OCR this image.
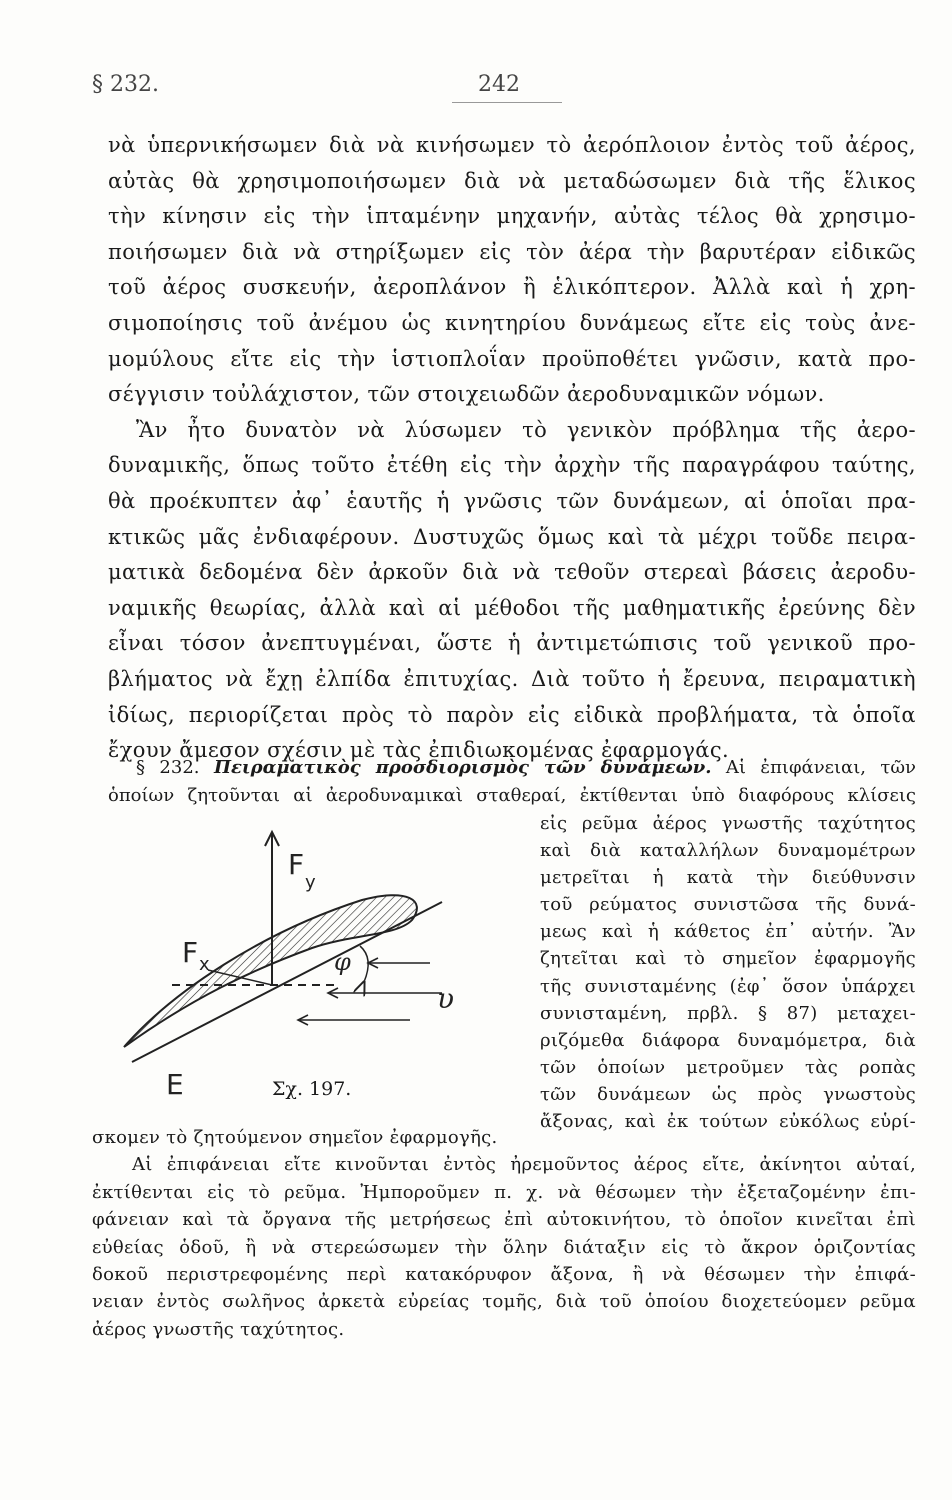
§ 232.	242
νὰ ὑπερνικήσωμεν διὰ νὰ κινήσωμεν τὸ ἀερόπλοιον ἐντὸς τοῦ ἀέρος,
αὐτὰς θὰ χρησιμοποιήσωμεν διὰ νὰ μεταδώσωμεν διὰ τῆς ἕλικος
τὴν κίνησιν εἰς τὴν ἱπταμένην μηχανήν, αὐτὰς τέλος θὰ χρησιμο-
ποιήσωμεν διὰ νὰ στηρίξωμεν εἰς τὸν ἀέρα τὴν βαρυτέραν εἰδικῶς
τοῦ ἀέρος συσκευήν, ἀεροπλάνον ἢ ἑλικόπτερον. Ἀλλὰ καὶ ἡ χρη-
σιμοποίησις τοῦ ἀνέμου ὡς κινητηρίου δυνάμεως εἴτε εἰς τοὺς ἀνε-
μομύλους εἴτε εἰς τὴν ἱστιοπλοΐαν προϋποθέτει γνῶσιν, κατὰ προ-
σέγγισιν τοὐλάχιστον, τῶν στοιχειωδῶν ἀεροδυναμικῶν νόμων.
Ἂν ἦτο δυνατὸν νὰ λύσωμεν τὸ γενικὸν πρόβλημα τῆς ἀερο-
δυναμικῆς, ὅπως τοῦτο ἐτέθη εἰς τὴν ἀρχὴν τῆς παραγράφου ταύτης,
θὰ προέκυπτεν ἀφ᾽ ἑαυτῆς ἡ γνῶσις τῶν δυνάμεων, αἱ ὁποῖαι πρα-
κτικῶς μᾶς ἐνδιαφέρουν. Δυστυχῶς ὅμως καὶ τὰ μέχρι τοῦδε πειρα-
ματικὰ δεδομένα δὲν ἀρκοῦν διὰ νὰ τεθοῦν στερεαὶ βάσεις ἀεροδυ-
ναμικῆς θεωρίας, ἀλλὰ καὶ αἱ μέθοδοι τῆς μαθηματικῆς ἐρεύνης δὲν
εἶναι τόσον ἀνεπτυγμέναι, ὥστε ἡ ἀντιμετώπισις τοῦ γενικοῦ προ-
βλήματος νὰ ἔχῃ ἐλπίδα ἐπιτυχίας. Διὰ τοῦτο ἡ ἔρευνα, πειραματικὴ
ἰδίως, περιορίζεται πρὸς τὸ παρὸν εἰς εἰδικὰ προβλήματα, τὰ ὁποῖα
ἔχουν ἄμεσον σχέσιν μὲ τὰς ἐπιδιωκομένας ἐφαρμογάς.
§ 232. Πειραματικὸς προσδιορισμὸς τῶν δυνάμεων. Αἱ ἐπιφάνειαι, τῶν
ὁποίων ζητοῦνται αἱ ἀεροδυναμικαὶ σταθεραί, ἐκτίθενται ὑπὸ διαφόρους κλίσεις
F
y
F x	φ
υ
E	Σχ. 197.
εἰς ρεῦμα ἀέρος γνωστῆς ταχύτητος
καὶ διὰ καταλλήλων δυναμομέτρων
μετρεῖται ἡ κατὰ τὴν διεύθυνσιν
τοῦ ρεύματος συνιστῶσα τῆς δυνά-
μεως καὶ ἡ κάθετος ἐπ᾽ αὐτήν. Ἂν
ζητεῖται καὶ τὸ σημεῖον ἐφαρμογῆς
τῆς συνισταμένης (ἐφ᾽ ὅσον ὑπάρχει
συνισταμένη, πρβλ. § 87) μεταχει-
ριζόμεθα διάφορα δυναμόμετρα, διὰ
τῶν ὁποίων μετροῦμεν τὰς ροπὰς
τῶν δυνάμεων ὡς πρὸς γνωστοὺς
ἄξονας, καὶ ἐκ τούτων εὐκόλως εὑρί-
σκομεν τὸ ζητούμενον σημεῖον ἐφαρμογῆς.
Αἱ ἐπιφάνειαι εἴτε κινοῦνται ἐντὸς ἠρεμοῦντος ἀέρος εἴτε, ἀκίνητοι αὐταί,
ἐκτίθενται εἰς τὸ ρεῦμα. Ἠμποροῦμεν π. χ. νὰ θέσωμεν τὴν ἐξεταζομένην ἐπι-
φάνειαν καὶ τὰ ὄργανα τῆς μετρήσεως ἐπὶ αὐτοκινήτου, τὸ ὁποῖον κινεῖται ἐπὶ
εὐθείας ὁδοῦ, ἢ νὰ στερεώσωμεν τὴν ὅλην διάταξιν εἰς τὸ ἄκρον ὁριζοντίας
δοκοῦ περιστρεφομένης περὶ κατακόρυφον ἄξονα, ἢ νὰ θέσωμεν τὴν ἐπιφά-
νειαν ἐντὸς σωλῆνος ἀρκετὰ εὐρείας τομῆς, διὰ τοῦ ὁποίου διοχετεύομεν ρεῦμα
ἀέρος γνωστῆς ταχύτητος.
